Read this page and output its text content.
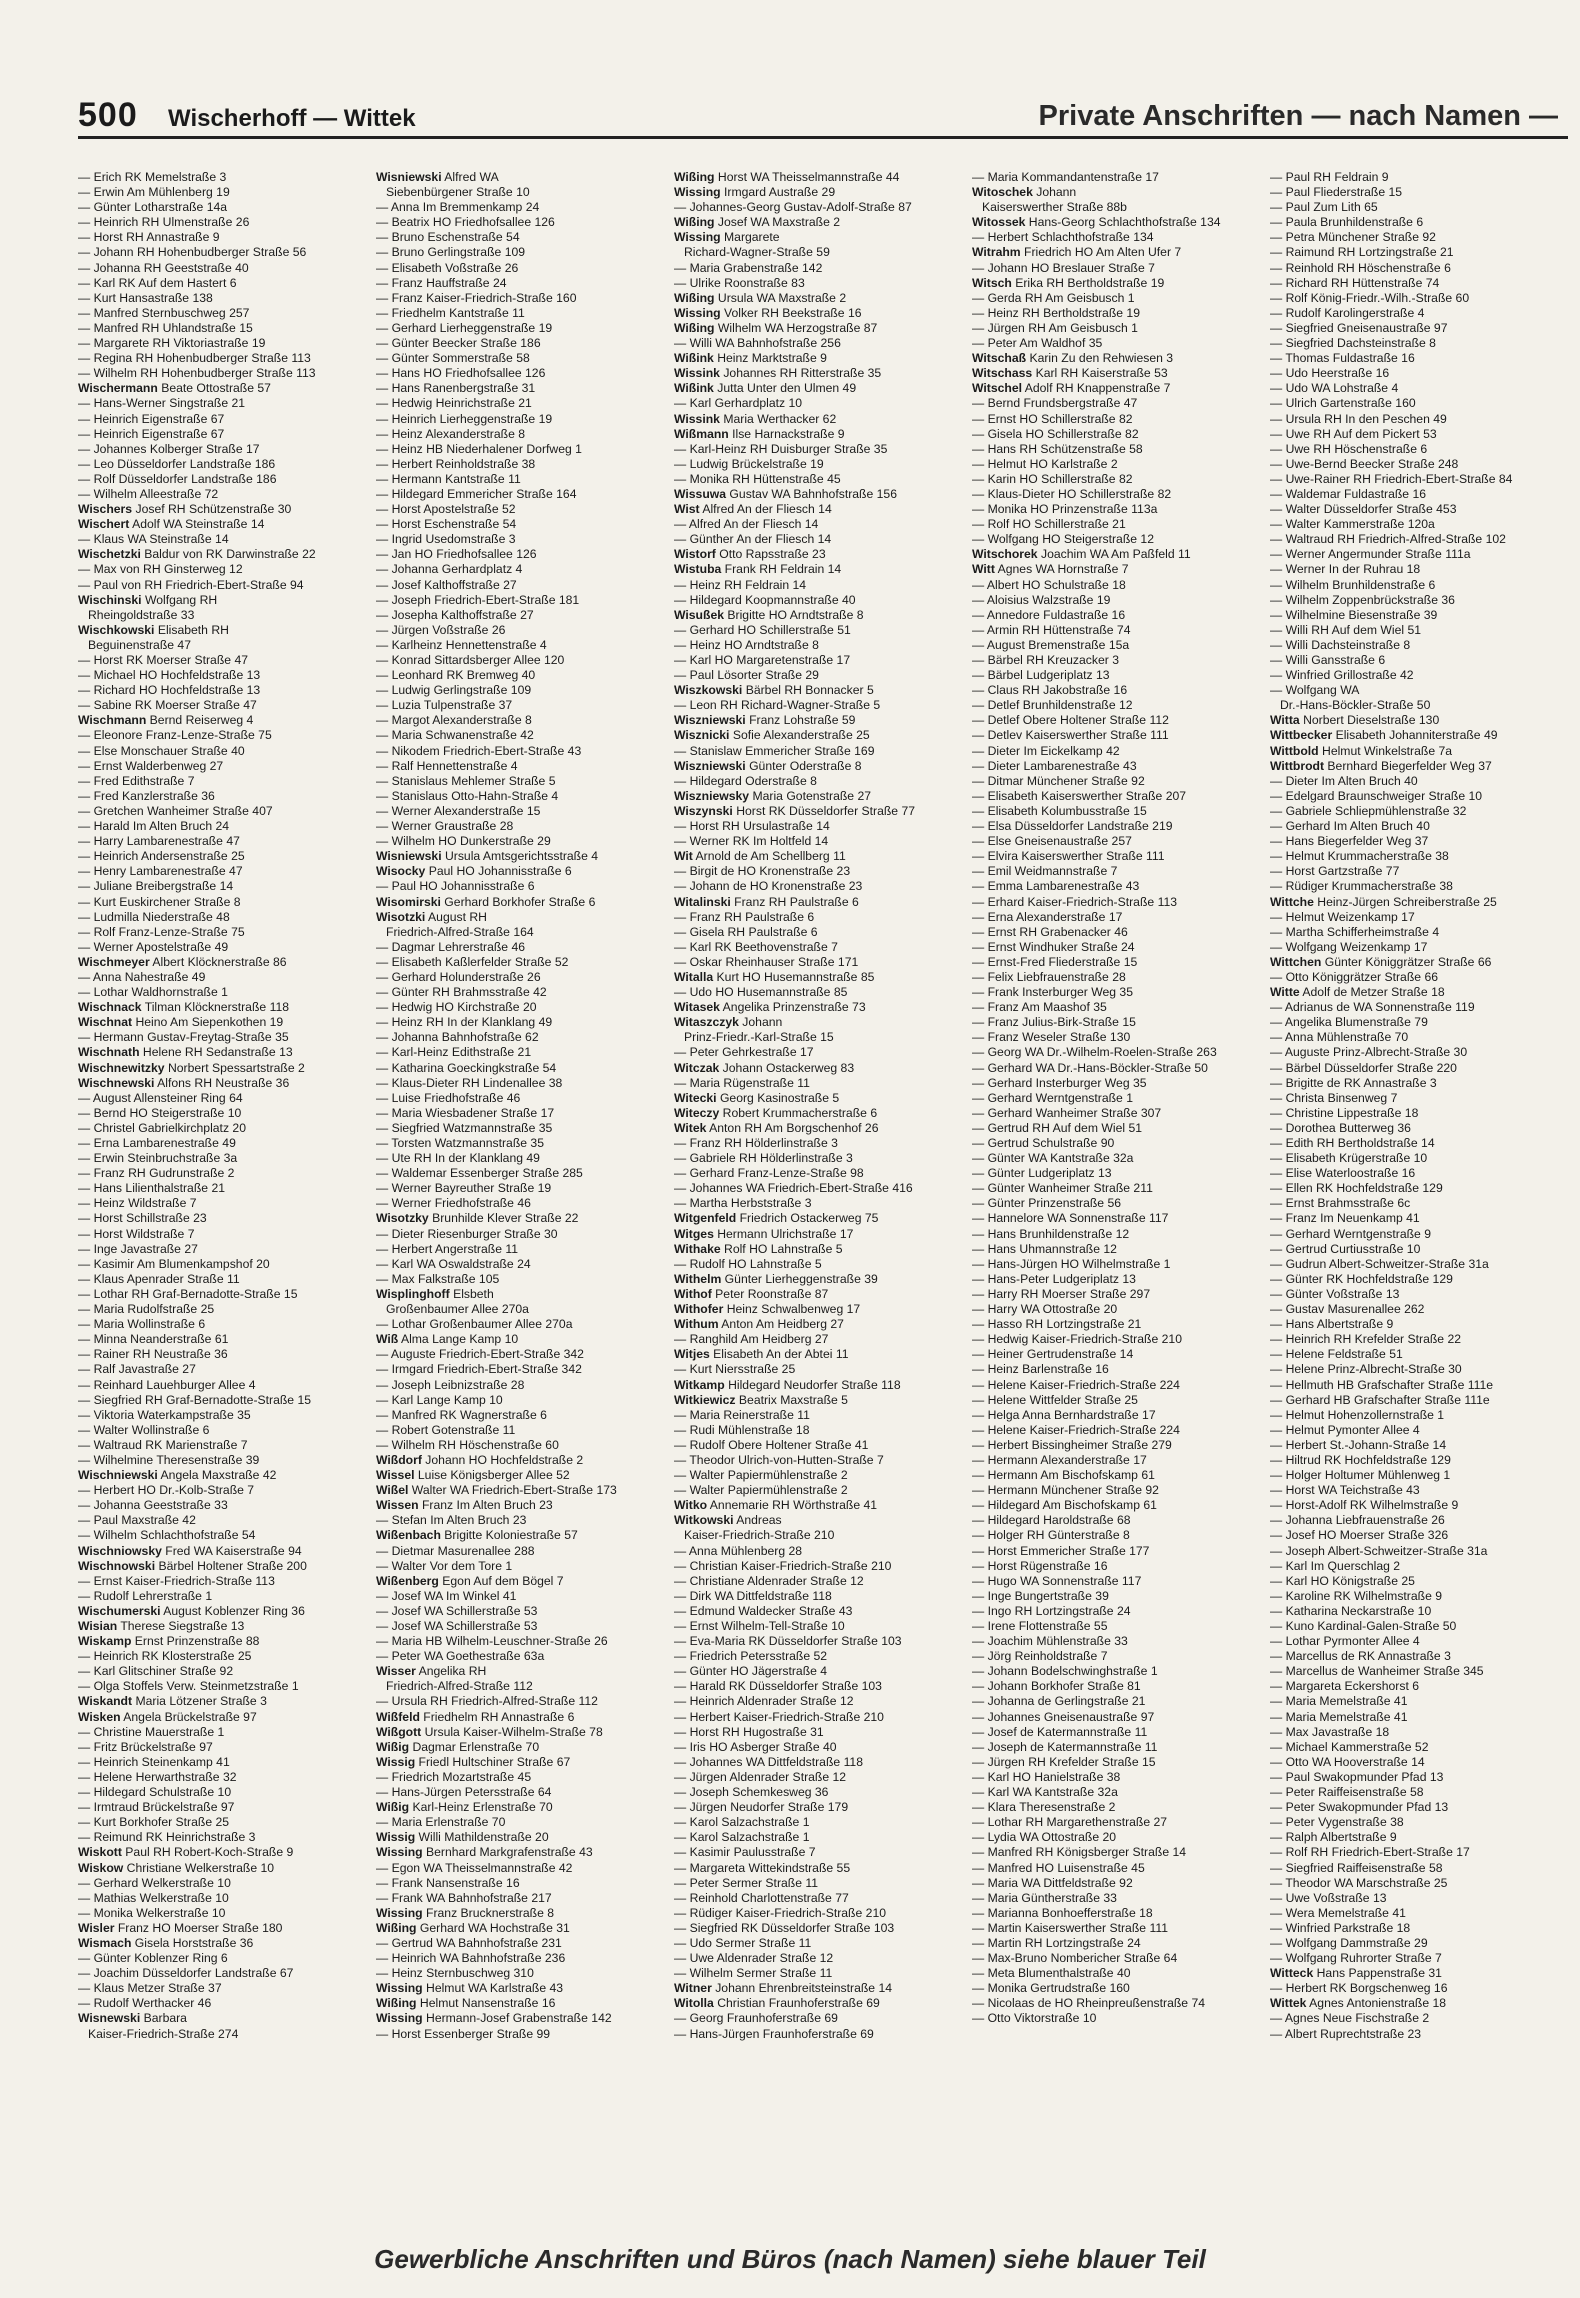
500 Wischerhoff — Wittek	Private Anschriften — nach Namen —
— Erich RK Memelstraße 3
— Erwin Am Mühlenberg 19
— Günter Lotharstraße 14a
— Heinrich RH Ulmenstraße 26
— Horst RH Annastraße 9
— Johann RH Hohenbudberger Straße 56
— Johanna RH Geeststraße 40
— Karl RK Auf dem Hastert 6
— Kurt Hansastraße 138
— Manfred Sternbuschweg 257
— Manfred RH Uhlandstraße 15
— Margarete RH Viktoriastraße 19
— Regina RH Hohenbudberger Straße 113
— Wilhelm RH Hohenbudberger Straße 113
Wischermann Beate Ottostraße 57
— Hans-Werner Singstraße 21
— Heinrich Eigenstraße 67
— Heinrich Eigenstraße 67
— Johannes Kolberger Straße 17
— Leo Düsseldorfer Landstraße 186
— Rolf Düsseldorfer Landstraße 186
— Wilhelm Alleestraße 72
Wischers Josef RH Schützenstraße 30
Wischert Adolf WA Steinstraße 14
— Klaus WA Steinstraße 14
Wischetzki Baldur von RK Darwinstraße 22
— Max von RH Ginsterweg 12
— Paul von RH Friedrich-Ebert-Straße 94
Wischinski Wolfgang RH
Rheingoldstraße 33
Wischkowski Elisabeth RH
Beguinenstraße 47
— Horst RK Moerser Straße 47
— Michael HO Hochfeldstraße 13
— Richard HO Hochfeldstraße 13
— Sabine RK Moerser Straße 47
Wischmann Bernd Reiserweg 4
— Eleonore Franz-Lenze-Straße 75
— Else Monschauer Straße 40
— Ernst Walderbenweg 27
— Fred Edithstraße 7
— Fred Kanzlerstraße 36
— Gretchen Wanheimer Straße 407
— Harald Im Alten Bruch 24
— Harry Lambarenestraße 47
— Heinrich Andersenstraße 25
— Henry Lambarenestraße 47
— Juliane Breibergstraße 14
— Kurt Euskirchener Straße 8
— Ludmilla Niederstraße 48
— Rolf Franz-Lenze-Straße 75
— Werner Apostelstraße 49
Wischmeyer Albert Klöcknerstraße 86
— Anna Nahestraße 49
— Lothar Waldhornstraße 1
Wischnack Tilman Klöcknerstraße 118
Wischnat Heino Am Siepenkothen 19
— Hermann Gustav-Freytag-Straße 35
Wischnath Helene RH Sedanstraße 13
Wischnewitzky Norbert Spessartstraße 2
Wischnewski Alfons RH Neustraße 36
— August Allensteiner Ring 64
— Bernd HO Steigerstraße 10
— Christel Gabrielkirchplatz 20
— Erna Lambarenestraße 49
— Erwin Steinbruchstraße 3a
— Franz RH Gudrunstraße 2
— Hans Lilienthalstraße 21
— Heinz Wildstraße 7
— Horst Schillstraße 23
— Horst Wildstraße 7
— Inge Javastraße 27
— Kasimir Am Blumenkampshof 20
— Klaus Apenrader Straße 11
— Lothar RH Graf-Bernadotte-Straße 15
— Maria Rudolfstraße 25
— Maria Wollinstraße 6
— Minna Neanderstraße 61
— Rainer RH Neustraße 36
— Ralf Javastraße 27
— Reinhard Lauehburger Allee 4
— Siegfried RH Graf-Bernadotte-Straße 15
— Viktoria Waterkampstraße 35
— Walter Wollinstraße 6
— Waltraud RK Marienstraße 7
— Wilhelmine Theresenstraße 39
Wischniewski Angela Maxstraße 42
— Herbert HO Dr.-Kolb-Straße 7
— Johanna Geeststraße 33
— Paul Maxstraße 42
— Wilhelm Schlachthofstraße 54
Wischniowsky Fred WA Kaiserstraße 94
Wischnowski Bärbel Holtener Straße 200
— Ernst Kaiser-Friedrich-Straße 113
— Rudolf Lehrerstraße 1
Wischumerski August Koblenzer Ring 36
Wisian Therese Siegstraße 13
Wiskamp Ernst Prinzenstraße 88
— Heinrich RK Klosterstraße 25
— Karl Glitschiner Straße 92
— Olga Stoffels Verw. Steinmetzstraße 1
Wiskandt Maria Lötzener Straße 3
Wisken Angela Brückelstraße 97
— Christine Mauerstraße 1
— Fritz Brückelstraße 97
— Heinrich Steinenkamp 41
— Helene Herwarthstraße 32
— Hildegard Schulstraße 10
— Irmtraud Brückelstraße 97
— Kurt Borkhofer Straße 25
— Reimund RK Heinrichstraße 3
Wiskott Paul RH Robert-Koch-Straße 9
Wiskow Christiane Welkerstraße 10
— Gerhard Welkerstraße 10
— Mathias Welkerstraße 10
— Monika Welkerstraße 10
Wisler Franz HO Moerser Straße 180
Wismach Gisela Horststraße 36
— Günter Koblenzer Ring 6
— Joachim Düsseldorfer Landstraße 67
— Klaus Metzer Straße 37
— Rudolf Werthacker 46
Wisnewski Barbara
Kaiser-Friedrich-Straße 274
Wisniewski Alfred WA
Siebenbürgener Straße 10
— Anna Im Bremmenkamp 24
— Beatrix HO Friedhofsallee 126
— Bruno Eschenstraße 54
— Bruno Gerlingstraße 109
— Elisabeth Voßstraße 26
— Franz Hauffstraße 24
— Franz Kaiser-Friedrich-Straße 160
— Friedhelm Kantstraße 11
— Gerhard Lierheggenstraße 19
— Günter Beecker Straße 186
— Günter Sommerstraße 58
— Hans HO Friedhofsallee 126
— Hans Ranenbergstraße 31
— Hedwig Heinrichstraße 21
— Heinrich Lierheggenstraße 19
— Heinz Alexanderstraße 8
— Heinz HB Niederhalener Dorfweg 1
— Herbert Reinholdstraße 38
— Hermann Kantstraße 11
— Hildegard Emmericher Straße 164
— Horst Apostelstraße 52
— Horst Eschenstraße 54
— Ingrid Usedomstraße 3
— Jan HO Friedhofsallee 126
— Johanna Gerhardplatz 4
— Josef Kalthoffstraße 27
— Joseph Friedrich-Ebert-Straße 181
— Josepha Kalthoffstraße 27
— Jürgen Voßstraße 26
— Karlheinz Hennettenstraße 4
— Konrad Sittardsberger Allee 120
— Leonhard RK Bremweg 40
— Ludwig Gerlingstraße 109
— Luzia Tulpenstraße 37
— Margot Alexanderstraße 8
— Maria Schwanenstraße 42
— Nikodem Friedrich-Ebert-Straße 43
— Ralf Hennettenstraße 4
— Stanislaus Mehlemer Straße 5
— Stanislaus Otto-Hahn-Straße 4
— Werner Alexanderstraße 15
— Werner Graustraße 28
— Wilhelm HO Dunkerstraße 29
Wisniewski Ursula Amtsgerichtsstraße 4
Wisocky Paul HO Johannisstraße 6
— Paul HO Johannisstraße 6
Wisomirski Gerhard Borkhofer Straße 6
Wisotzki August RH
Friedrich-Alfred-Straße 164
— Dagmar Lehrerstraße 46
— Elisabeth Kaßlerfelder Straße 52
— Gerhard Holunderstraße 26
— Günter RH Brahmsstraße 42
— Hedwig HO Kirchstraße 20
— Heinz RH In der Klanklang 49
— Johanna Bahnhofstraße 62
— Karl-Heinz Edithstraße 21
— Katharina Goeckingkstraße 54
— Klaus-Dieter RH Lindenallee 38
— Luise Friedhofstraße 46
— Maria Wiesbadener Straße 17
— Siegfried Watzmannstraße 35
— Torsten Watzmannstraße 35
— Ute RH In der Klanklang 49
— Waldemar Essenberger Straße 285
— Werner Bayreuther Straße 19
— Werner Friedhofstraße 46
Wisotzky Brunhilde Klever Straße 22
— Dieter Riesenburger Straße 30
— Herbert Angerstraße 11
— Karl WA Oswaldstraße 24
— Max Falkstraße 105
Wisplinghoff Elsbeth
Großenbaumer Allee 270a
— Lothar Großenbaumer Allee 270a
Wiß Alma Lange Kamp 10
— Auguste Friedrich-Ebert-Straße 342
— Irmgard Friedrich-Ebert-Straße 342
— Joseph Leibnizstraße 28
— Karl Lange Kamp 10
— Manfred RK Wagnerstraße 6
— Robert Gotenstraße 11
— Wilhelm RH Höschenstraße 60
Wißdorf Johann HO Hochfeldstraße 2
Wissel Luise Königsberger Allee 52
Wißel Walter WA Friedrich-Ebert-Straße 173
Wissen Franz Im Alten Bruch 23
— Stefan Im Alten Bruch 23
Wißenbach Brigitte Koloniestraße 57
— Dietmar Masurenallee 288
— Walter Vor dem Tore 1
Wißenberg Egon Auf dem Bögel 7
— Josef WA Im Winkel 41
— Josef WA Schillerstraße 53
— Josef WA Schillerstraße 53
— Maria HB Wilhelm-Leuschner-Straße 26
— Peter WA Goethestraße 63a
Wisser Angelika RH
Friedrich-Alfred-Straße 112
— Ursula RH Friedrich-Alfred-Straße 112
Wißfeld Friedhelm RH Annastraße 6
Wißgott Ursula Kaiser-Wilhelm-Straße 78
Wißig Dagmar Erlenstraße 70
Wissig Friedl Hultschiner Straße 67
— Friedrich Mozartstraße 45
— Hans-Jürgen Petersstraße 64
Wißig Karl-Heinz Erlenstraße 70
— Maria Erlenstraße 70
Wissig Willi Mathildenstraße 20
Wissing Bernhard Markgrafenstraße 43
— Egon WA Theisselmannstraße 42
— Frank Nansenstraße 16
— Frank WA Bahnhofstraße 217
Wissing Franz Brucknerstraße 8
Wißing Gerhard WA Hochstraße 31
— Gertrud WA Bahnhofstraße 231
— Heinrich WA Bahnhofstraße 236
— Heinz Sternbuschweg 310
Wissing Helmut WA Karlstraße 43
Wißing Helmut Nansenstraße 16
Wissing Hermann-Josef Grabenstraße 142
— Horst Essenberger Straße 99
Wißing Horst WA Theisselmannstraße 44
Wissing Irmgard Austraße 29
— Johannes-Georg Gustav-Adolf-Straße 87
Wißing Josef WA Maxstraße 2
Wissing Margarete
Richard-Wagner-Straße 59
— Maria Grabenstraße 142
— Ulrike Roonstraße 83
Wißing Ursula WA Maxstraße 2
Wissing Volker RH Beekstraße 16
Wißing Wilhelm WA Herzogstraße 87
— Willi WA Bahnhofstraße 256
Wißink Heinz Marktstraße 9
Wissink Johannes RH Ritterstraße 35
Wißink Jutta Unter den Ulmen 49
— Karl Gerhardplatz 10
Wissink Maria Werthacker 62
Wißmann Ilse Harnackstraße 9
— Karl-Heinz RH Duisburger Straße 35
— Ludwig Brückelstraße 19
— Monika RH Hüttenstraße 45
Wissuwa Gustav WA Bahnhofstraße 156
Wist Alfred An der Fliesch 14
— Alfred An der Fliesch 14
— Günther An der Fliesch 14
Wistorf Otto Rapsstraße 23
Wistuba Frank RH Feldrain 14
— Heinz RH Feldrain 14
— Hildegard Koopmannstraße 40
Wisußek Brigitte HO Arndtstraße 8
— Gerhard HO Schillerstraße 51
— Heinz HO Arndtstraße 8
— Karl HO Margaretenstraße 17
— Paul Lösorter Straße 29
Wiszkowski Bärbel RH Bonnacker 5
— Leon RH Richard-Wagner-Straße 5
Wiszniewski Franz Lohstraße 59
Wisznicki Sofie Alexanderstraße 25
— Stanislaw Emmericher Straße 169
Wiszniewski Günter Oderstraße 8
— Hildegard Oderstraße 8
Wiszniewsky Maria Gotenstraße 27
Wiszynski Horst RK Düsseldorfer Straße 77
— Horst RH Ursulastraße 14
— Werner RK Im Holtfeld 14
Wit Arnold de Am Schellberg 11
— Birgit de HO Kronenstraße 23
— Johann de HO Kronenstraße 23
Witalinski Franz RH Paulstraße 6
— Franz RH Paulstraße 6
— Gisela RH Paulstraße 6
— Karl RK Beethovenstraße 7
— Oskar Rheinhauser Straße 171
Witalla Kurt HO Husemannstraße 85
— Udo HO Husemannstraße 85
Witasek Angelika Prinzenstraße 73
Witaszczyk Johann
Prinz-Friedr.-Karl-Straße 15
— Peter Gehrkestraße 17
Witczak Johann Ostackerweg 83
— Maria Rügenstraße 11
Witecki Georg Kasinostraße 5
Witeczy Robert Krummacherstraße 6
Witek Anton RH Am Borgschenhof 26
— Franz RH Hölderlinstraße 3
— Gabriele RH Hölderlinstraße 3
— Gerhard Franz-Lenze-Straße 98
— Johannes WA Friedrich-Ebert-Straße 416
— Martha Herbststraße 3
Witgenfeld Friedrich Ostackerweg 75
Witges Hermann Ulrichstraße 17
Withake Rolf HO Lahnstraße 5
— Rudolf HO Lahnstraße 5
Withelm Günter Lierheggenstraße 39
Withof Peter Roonstraße 87
Withofer Heinz Schwalbenweg 17
Withum Anton Am Heidberg 27
— Ranghild Am Heidberg 27
Witjes Elisabeth An der Abtei 11
— Kurt Niersstraße 25
Witkamp Hildegard Neudorfer Straße 118
Witkiewicz Beatrix Maxstraße 5
— Maria Reinerstraße 11
— Rudi Mühlenstraße 18
— Rudolf Obere Holtener Straße 41
— Theodor Ulrich-von-Hutten-Straße 7
— Walter Papiermühlenstraße 2
— Walter Papiermühlenstraße 2
Witko Annemarie RH Wörthstraße 41
Witkowski Andreas
Kaiser-Friedrich-Straße 210
— Anna Mühlenberg 28
— Christian Kaiser-Friedrich-Straße 210
— Christiane Aldenrader Straße 12
— Dirk WA Dittfeldstraße 118
— Edmund Waldecker Straße 43
— Ernst Wilhelm-Tell-Straße 10
— Eva-Maria RK Düsseldorfer Straße 103
— Friedrich Petersstraße 52
— Günter HO Jägerstraße 4
— Harald RK Düsseldorfer Straße 103
— Heinrich Aldenrader Straße 12
— Herbert Kaiser-Friedrich-Straße 210
— Horst RH Hugostraße 31
— Iris HO Asberger Straße 40
— Johannes WA Dittfeldstraße 118
— Jürgen Aldenrader Straße 12
— Joseph Schemkesweg 36
— Jürgen Neudorfer Straße 179
— Karol Salzachstraße 1
— Karol Salzachstraße 1
— Kasimir Paulusstraße 7
— Margareta Wittekindstraße 55
— Peter Sermer Straße 11
— Reinhold Charlottenstraße 77
— Rüdiger Kaiser-Friedrich-Straße 210
— Siegfried RK Düsseldorfer Straße 103
— Udo Sermer Straße 11
— Uwe Aldenrader Straße 12
— Wilhelm Sermer Straße 11
Witner Johann Ehrenbreitsteinstraße 14
Witolla Christian Fraunhoferstraße 69
— Georg Fraunhoferstraße 69
— Hans-Jürgen Fraunhoferstraße 69
— Maria Kommandantenstraße 17
Witoschek Johann
Kaiserswerther Straße 88b
Witossek Hans-Georg Schlachthofstraße 134
— Herbert Schlachthofstraße 134
Witrahm Friedrich HO Am Alten Ufer 7
— Johann HO Breslauer Straße 7
Witsch Erika RH Bertholdstraße 19
— Gerda RH Am Geisbusch 1
— Heinz RH Bertholdstraße 19
— Jürgen RH Am Geisbusch 1
— Peter Am Waldhof 35
Witschaß Karin Zu den Rehwiesen 3
Witschass Karl RH Kaiserstraße 53
Witschel Adolf RH Knappenstraße 7
— Bernd Frundsbergstraße 47
— Ernst HO Schillerstraße 82
— Gisela HO Schillerstraße 82
— Hans RH Schützenstraße 58
— Helmut HO Karlstraße 2
— Karin HO Schillerstraße 82
— Klaus-Dieter HO Schillerstraße 82
— Monika HO Prinzenstraße 113a
— Rolf HO Schillerstraße 21
— Wolfgang HO Steigerstraße 12
Witschorek Joachim WA Am Paßfeld 11
Witt Agnes WA Hornstraße 7
— Albert HO Schulstraße 18
— Aloisius Walzstraße 19
— Annedore Fuldastraße 16
— Armin RH Hüttenstraße 74
— August Bremenstraße 15a
— Bärbel RH Kreuzacker 3
— Bärbel Ludgeriplatz 13
— Claus RH Jakobstraße 16
— Detlef Brunhildenstraße 12
— Detlef Obere Holtener Straße 112
— Detlev Kaiserswerther Straße 111
— Dieter Im Eickelkamp 42
— Dieter Lambarenestraße 43
— Ditmar Münchener Straße 92
— Elisabeth Kaiserswerther Straße 207
— Elisabeth Kolumbusstraße 15
— Elsa Düsseldorfer Landstraße 219
— Else Gneisenaustraße 257
— Elvira Kaiserswerther Straße 111
— Emil Weidmannstraße 7
— Emma Lambarenestraße 43
— Erhard Kaiser-Friedrich-Straße 113
— Erna Alexanderstraße 17
— Ernst RH Grabenacker 46
— Ernst Windhuker Straße 24
— Ernst-Fred Fliederstraße 15
— Felix Liebfrauenstraße 28
— Frank Insterburger Weg 35
— Franz Am Maashof 35
— Franz Julius-Birk-Straße 15
— Franz Weseler Straße 130
— Georg WA Dr.-Wilhelm-Roelen-Straße 263
— Gerhard WA Dr.-Hans-Böckler-Straße 50
— Gerhard Insterburger Weg 35
— Gerhard Werntgenstraße 1
— Gerhard Wanheimer Straße 307
— Gertrud RH Auf dem Wiel 51
— Gertrud Schulstraße 90
— Günter WA Kantstraße 32a
— Günter Ludgeriplatz 13
— Günter Wanheimer Straße 211
— Günter Prinzenstraße 56
— Hannelore WA Sonnenstraße 117
— Hans Brunhildenstraße 12
— Hans Uhmannstraße 12
— Hans-Jürgen HO Wilhelmstraße 1
— Hans-Peter Ludgeriplatz 13
— Harry RH Moerser Straße 297
— Harry WA Ottostraße 20
— Hasso RH Lortzingstraße 21
— Hedwig Kaiser-Friedrich-Straße 210
— Heiner Gertrudenstraße 14
— Heinz Barlenstraße 16
— Helene Kaiser-Friedrich-Straße 224
— Helene Wittfelder Straße 25
— Helga Anna Bernhardstraße 17
— Helene Kaiser-Friedrich-Straße 224
— Herbert Bissingheimer Straße 279
— Hermann Alexanderstraße 17
— Hermann Am Bischofskamp 61
— Hermann Münchener Straße 92
— Hildegard Am Bischofskamp 61
— Hildegard Haroldstraße 68
— Holger RH Günterstraße 8
— Horst Emmericher Straße 177
— Horst Rügenstraße 16
— Hugo WA Sonnenstraße 117
— Inge Bungertstraße 39
— Ingo RH Lortzingstraße 24
— Irene Flottenstraße 55
— Joachim Mühlenstraße 33
— Jörg Reinholdstraße 7
— Johann Bodelschwinghstraße 1
— Johann Borkhofer Straße 81
— Johanna de Gerlingstraße 21
— Johannes Gneisenaustraße 97
— Josef de Katermannstraße 11
— Joseph de Katermannstraße 11
— Jürgen RH Krefelder Straße 15
— Karl HO Hanielstraße 38
— Karl WA Kantstraße 32a
— Klara Theresenstraße 2
— Lothar RH Margarethenstraße 27
— Lydia WA Ottostraße 20
— Manfred RH Königsberger Straße 14
— Manfred HO Luisenstraße 45
— Maria WA Dittfeldstraße 92
— Maria Güntherstraße 33
— Marianna Bonhoefferstraße 18
— Martin Kaiserswerther Straße 111
— Martin RH Lortzingstraße 24
— Max-Bruno Nombericher Straße 64
— Meta Blumenthalstraße 40
— Monika Gertrudstraße 160
— Nicolaas de HO Rheinpreußenstraße 74
— Otto Viktorstraße 10
— Paul RH Feldrain 9
— Paul Fliederstraße 15
— Paul Zum Lith 65
— Paula Brunhildenstraße 6
— Petra Münchener Straße 92
— Raimund RH Lortzingstraße 21
— Reinhold RH Höschenstraße 6
— Richard RH Hüttenstraße 74
— Rolf König-Friedr.-Wilh.-Straße 60
— Rudolf Karolingerstraße 4
— Siegfried Gneisenaustraße 97
— Siegfried Dachsteinstraße 8
— Thomas Fuldastraße 16
— Udo Heerstraße 16
— Udo WA Lohstraße 4
— Ulrich Gartenstraße 160
— Ursula RH In den Peschen 49
— Uwe RH Auf dem Pickert 53
— Uwe RH Höschenstraße 6
— Uwe-Bernd Beecker Straße 248
— Uwe-Rainer RH Friedrich-Ebert-Straße 84
— Waldemar Fuldastraße 16
— Walter Düsseldorfer Straße 453
— Walter Kammerstraße 120a
— Waltraud RH Friedrich-Alfred-Straße 102
— Werner Angermunder Straße 111a
— Werner In der Ruhrau 18
— Wilhelm Brunhildenstraße 6
— Wilhelm Zoppenbrückstraße 36
— Wilhelmine Biesenstraße 39
— Willi RH Auf dem Wiel 51
— Willi Dachsteinstraße 8
— Willi Gansstraße 6
— Winfried Grillostraße 42
— Wolfgang WA
Dr.-Hans-Böckler-Straße 50
Witta Norbert Dieselstraße 130
Wittbecker Elisabeth Johanniterstraße 49
Wittbold Helmut Winkelstraße 7a
Wittbrodt Bernhard Biegerfelder Weg 37
— Dieter Im Alten Bruch 40
— Edelgard Braunschweiger Straße 10
— Gabriele Schliepmühlenstraße 32
— Gerhard Im Alten Bruch 40
— Hans Biegerfelder Weg 37
— Helmut Krummacherstraße 38
— Horst Gartzstraße 77
— Rüdiger Krummacherstraße 38
Wittche Heinz-Jürgen Schreiberstraße 25
— Helmut Weizenkamp 17
— Martha Schifferheimstraße 4
— Wolfgang Weizenkamp 17
Wittchen Günter Königgrätzer Straße 66
— Otto Königgrätzer Straße 66
Witte Adolf de Metzer Straße 18
— Adrianus de WA Sonnenstraße 119
— Angelika Blumenstraße 79
— Anna Mühlenstraße 70
— Auguste Prinz-Albrecht-Straße 30
— Bärbel Düsseldorfer Straße 220
— Brigitte de RK Annastraße 3
— Christa Binsenweg 7
— Christine Lippestraße 18
— Dorothea Butterweg 36
— Edith RH Bertholdstraße 14
— Elisabeth Krügerstraße 10
— Elise Waterloostraße 16
— Ellen RK Hochfeldstraße 129
— Ernst Brahmsstraße 6c
— Franz Im Neuenkamp 41
— Gerhard Werntgenstraße 9
— Gertrud Curtiusstraße 10
— Gudrun Albert-Schweitzer-Straße 31a
— Günter RK Hochfeldstraße 129
— Günter Voßstraße 13
— Gustav Masurenallee 262
— Hans Albertstraße 9
— Heinrich RH Krefelder Straße 22
— Helene Feldstraße 51
— Helene Prinz-Albrecht-Straße 30
— Hellmuth HB Grafschafter Straße 111e
— Gerhard HB Grafschafter Straße 111e
— Helmut Hohenzollernstraße 1
— Helmut Pymonter Allee 4
— Herbert St.-Johann-Straße 14
— Hiltrud RK Hochfeldstraße 129
— Holger Holtumer Mühlenweg 1
— Horst WA Teichstraße 43
— Horst-Adolf RK Wilhelmstraße 9
— Johanna Liebfrauenstraße 26
— Josef HO Moerser Straße 326
— Joseph Albert-Schweitzer-Straße 31a
— Karl Im Querschlag 2
— Karl HO Königstraße 25
— Karoline RK Wilhelmstraße 9
— Katharina Neckarstraße 10
— Kuno Kardinal-Galen-Straße 50
— Lothar Pyrmonter Allee 4
— Marcellus de RK Annastraße 3
— Marcellus de Wanheimer Straße 345
— Margareta Eckershorst 6
— Maria Memelstraße 41
— Maria Memelstraße 41
— Max Javastraße 18
— Michael Kammerstraße 52
— Otto WA Hooverstraße 14
— Paul Swakopmunder Pfad 13
— Peter Raiffeisenstraße 58
— Peter Swakopmunder Pfad 13
— Peter Vygenstraße 38
— Ralph Albertstraße 9
— Rolf RH Friedrich-Ebert-Straße 17
— Siegfried Raiffeisenstraße 58
— Theodor WA Marschstraße 25
— Uwe Voßstraße 13
— Wera Memelstraße 41
— Winfried Parkstraße 18
— Wolfgang Dammstraße 29
— Wolfgang Ruhrorter Straße 7
Witteck Hans Pappenstraße 31
— Herbert RK Borgschenweg 16
Wittek Agnes Antonienstraße 18
— Agnes Neue Fischstraße 2
— Albert Ruprechtstraße 23
Gewerbliche Anschriften und Büros (nach Namen) siehe blauer Teil
